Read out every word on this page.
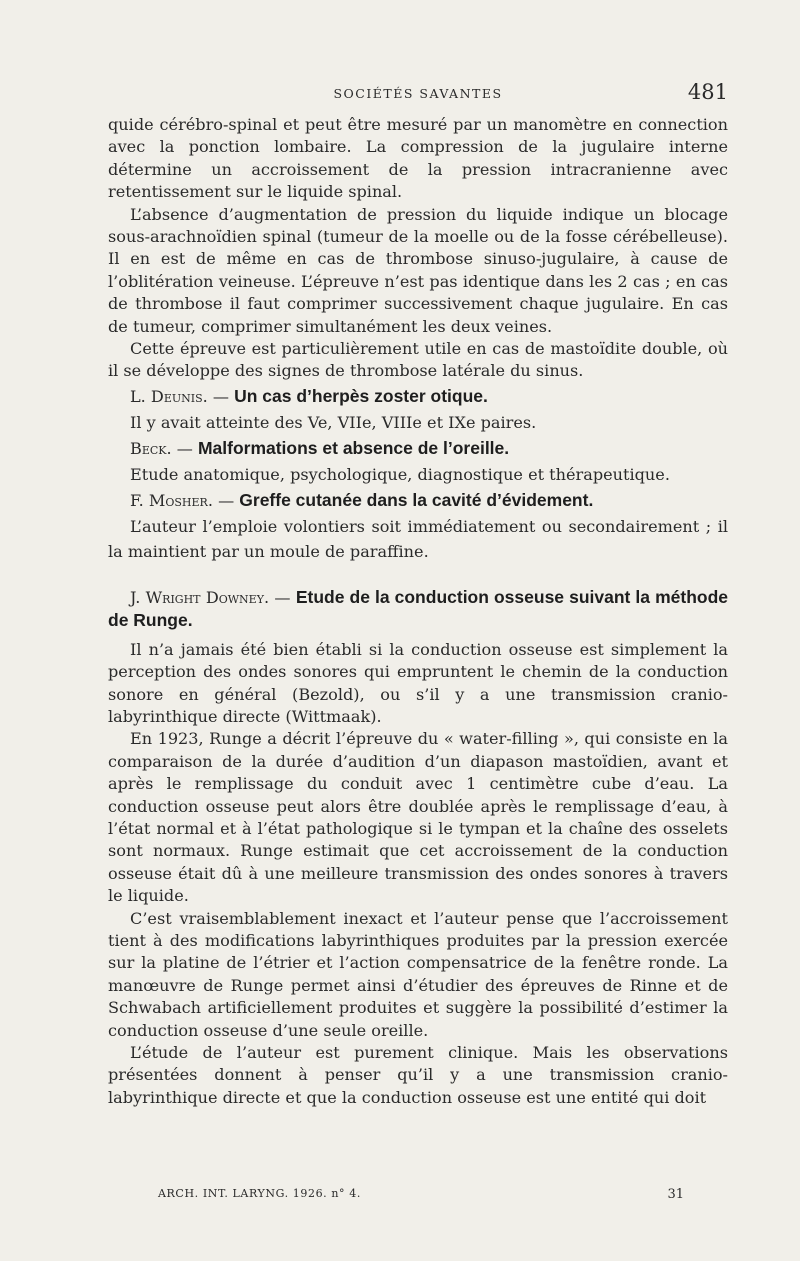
SOCIÉTÉS SAVANTES	481

quide cérébro-spinal et peut être mesuré par un manomètre en connection avec la ponction lombaire. La compression de la jugulaire interne détermine un accroissement de la pression intracranienne avec retentissement sur le liquide spinal.

L’absence d’augmentation de pression du liquide indique un blocage sous-arachnoïdien spinal (tumeur de la moelle ou de la fosse cérébelleuse). Il en est de même en cas de thrombose sinuso-jugulaire, à cause de l’oblitération veineuse. L’épreuve n’est pas identique dans les 2 cas ; en cas de thrombose il faut comprimer successivement chaque jugulaire. En cas de tumeur, comprimer simultanément les deux veines.

Cette épreuve est particulièrement utile en cas de mastoïdite double, où il se développe des signes de thrombose latérale du sinus.

L. Deunis. — Un cas d’herpès zoster otique.

Il y avait atteinte des Ve, VIIe, VIIIe et IXe paires.

Beck. — Malformations et absence de l’oreille.

Etude anatomique, psychologique, diagnostique et thérapeutique.

F. Mosher. — Greffe cutanée dans la cavité d’évidement.

L’auteur l’emploie volontiers soit immédiatement ou secondairement ; il la maintient par un moule de paraffine.

J. Wright Downey. — Etude de la conduction osseuse suivant la méthode de Runge.

Il n’a jamais été bien établi si la conduction osseuse est simplement la perception des ondes sonores qui empruntent le chemin de la conduction sonore en général (Bezold), ou s’il y a une transmission cranio-labyrinthique directe (Wittmaak).

En 1923, Runge a décrit l’épreuve du « water-filling », qui consiste en la comparaison de la durée d’audition d’un diapason mastoïdien, avant et après le remplissage du conduit avec 1 centimètre cube d’eau. La conduction osseuse peut alors être doublée après le remplissage d’eau, à l’état normal et à l’état pathologique si le tympan et la chaîne des osselets sont normaux. Runge estimait que cet accroissement de la conduction osseuse était dû à une meilleure transmission des ondes sonores à travers le liquide.

C’est vraisemblablement inexact et l’auteur pense que l’accroissement tient à des modifications labyrinthiques produites par la pression exercée sur la platine de l’étrier et l’action compensatrice de la fenêtre ronde. La manœuvre de Runge permet ainsi d’étudier des épreuves de Rinne et de Schwabach artificiellement produites et suggère la possibilité d’estimer la conduction osseuse d’une seule oreille.

L’étude de l’auteur est purement clinique. Mais les observations présentées donnent à penser qu’il y a une transmission cranio-labyrinthique directe et que la conduction osseuse est une entité qui doit

ARCH. INT. LARYNG. 1926. n° 4.	31
